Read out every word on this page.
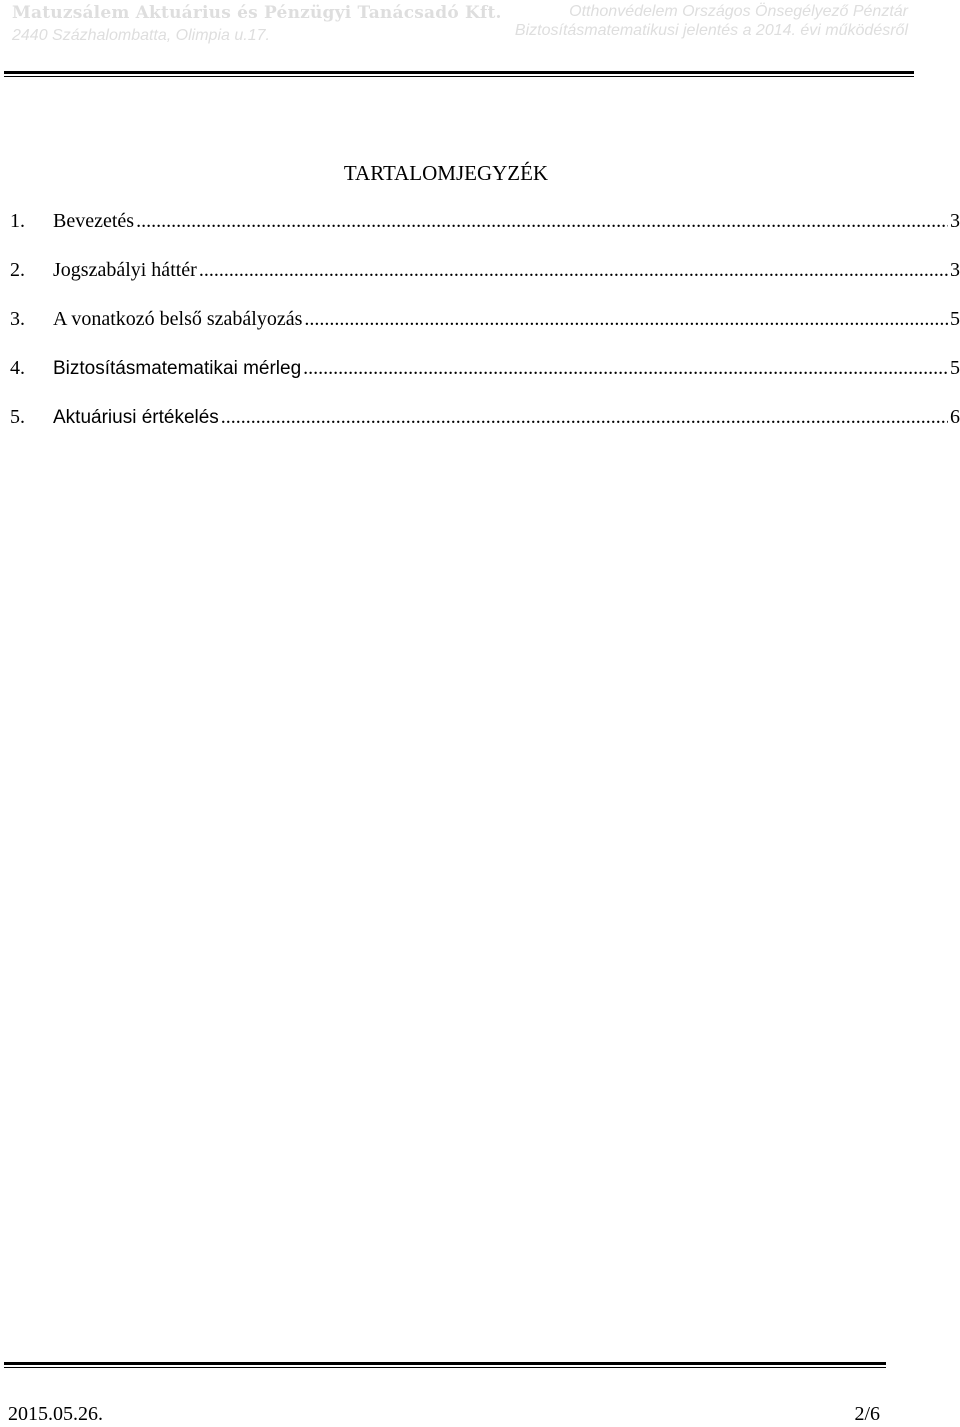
Matuzsálem Aktuárius és Pénzügyi Tanácsadó Kft.
2440 Százhalombatta, Olimpia u.17.
Otthonvédelem Országos Önsegélyező Pénztár
Biztosításmatematikusi jelentés a 2014. évi működésről
TARTALOMJEGYZÉK
1.	Bevezetés .....	3
2.	Jogszabályi háttér .....	3
3.	A vonatkozó belső szabályozás .....	5
4.	Biztosításmatematikai mérleg .....	5
5.	Aktuáriusi értékelés .....	6
2015.05.26.	2/6
